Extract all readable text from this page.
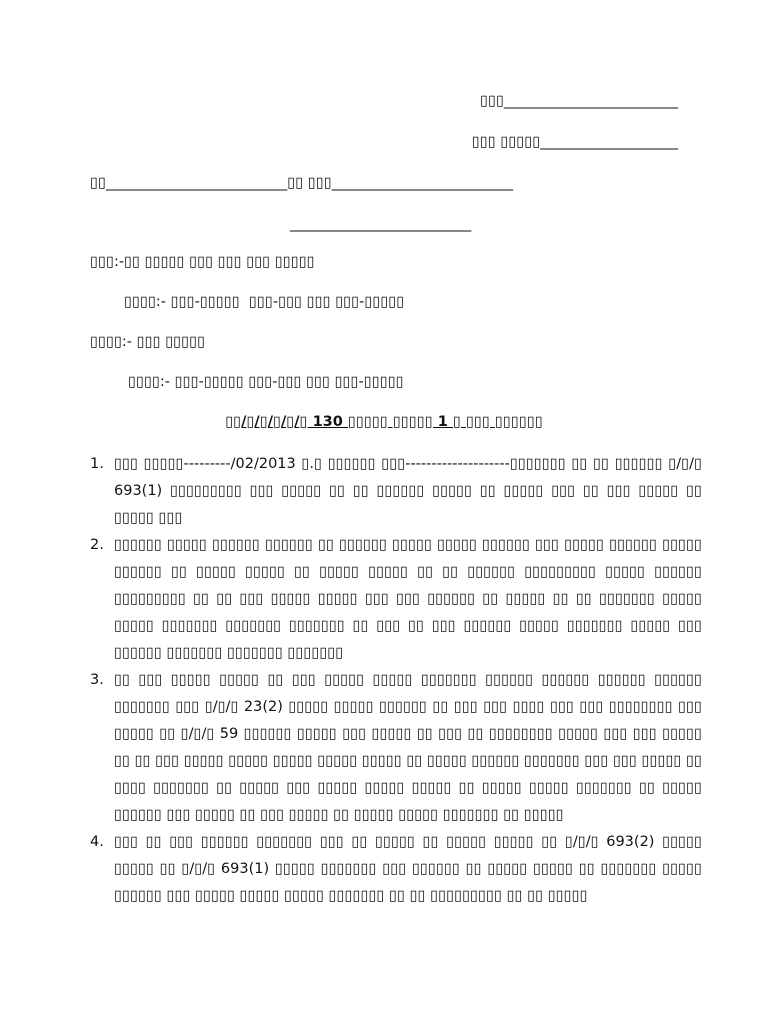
▯▯▯________________________
▯▯▯ ▯▯▯▯▯___________________
▯▯_________________________▯▯ ▯▯▯_________________________
_________________________
▯▯▯:-▯▯ ▯▯▯▯▯ ▯▯▯ ▯▯▯ ▯▯▯ ▯▯▯▯▯
▯▯▯▯:- ▯▯▯-▯▯▯▯▯  ▯▯▯-▯▯▯ ▯▯▯ ▯▯▯-▯▯▯▯▯
▯▯▯▯:- ▯▯▯ ▯▯▯▯▯
▯▯▯▯:- ▯▯▯-▯▯▯▯▯ ▯▯▯-▯▯▯ ▯▯▯ ▯▯▯-▯▯▯▯▯
▯▯/▯/▯/▯/▯/▯ 130 ▯▯▯▯▯ ▯▯▯▯▯ 1 ▯ ▯▯▯ ▯▯▯▯▯▯
1. ▯▯▯ ▯▯▯▯▯---------/02/2013 ▯.▯ ▯▯▯▯▯▯ ▯▯▯--------------------▯▯▯▯▯▯▯ ▯▯ ▯▯ ▯▯▯▯▯▯ ▯/▯/▯ 693(1) ▯▯▯▯▯▯▯▯▯ ▯▯▯ ▯▯▯▯▯ ▯▯ ▯▯ ▯▯▯▯▯▯ ▯▯▯▯▯ ▯▯ ▯▯▯▯▯ ▯▯▯ ▯▯ ▯▯▯ ▯▯▯▯▯ ▯▯ ▯▯▯▯▯ ▯▯▯
2. ▯▯▯▯▯▯ ▯▯▯▯▯ ▯▯▯▯▯▯ ▯▯▯▯▯▯ ▯▯ ▯▯▯▯▯▯ ▯▯▯▯▯ ▯▯▯▯▯ ▯▯▯▯▯▯ ▯▯▯ ▯▯▯▯▯ ▯▯▯▯▯▯ ▯▯▯▯▯ ▯▯▯▯▯▯ ▯▯ ▯▯▯▯▯ ▯▯▯▯▯ ▯▯ ▯▯▯▯▯ ▯▯▯▯▯ ▯▯ ▯▯ ▯▯▯▯▯▯ ▯▯▯▯▯▯▯▯▯ ▯▯▯▯▯ ▯▯▯▯▯▯ ▯▯▯▯▯▯▯▯▯ ▯▯ ▯▯ ▯▯▯ ▯▯▯▯▯ ▯▯▯▯▯ ▯▯▯ ▯▯▯ ▯▯▯▯▯▯ ▯▯ ▯▯▯▯▯ ▯▯ ▯▯ ▯▯▯▯▯▯▯ ▯▯▯▯▯ ▯▯▯▯▯ ▯▯▯▯▯▯▯ ▯▯▯▯▯▯▯ ▯▯▯▯▯▯▯ ▯▯ ▯▯▯ ▯▯ ▯▯▯ ▯▯▯▯▯▯ ▯▯▯▯▯ ▯▯▯▯▯▯▯ ▯▯▯▯▯ ▯▯▯ ▯▯▯▯▯▯ ▯▯▯▯▯▯▯ ▯▯▯▯▯▯▯ ▯▯▯▯▯▯▯
3. ▯▯ ▯▯▯ ▯▯▯▯▯ ▯▯▯▯▯ ▯▯ ▯▯▯ ▯▯▯▯▯ ▯▯▯▯▯ ▯▯▯▯▯▯▯ ▯▯▯▯▯▯ ▯▯▯▯▯▯ ▯▯▯▯▯▯ ▯▯▯▯▯▯ ▯▯▯▯▯▯▯ ▯▯▯ ▯/▯/▯ 23(2) ▯▯▯▯▯ ▯▯▯▯▯ ▯▯▯▯▯▯ ▯▯ ▯▯▯ ▯▯▯ ▯▯▯▯ ▯▯▯ ▯▯▯ ▯▯▯▯▯▯▯▯ ▯▯▯ ▯▯▯▯▯ ▯▯ ▯/▯/▯ 59 ▯▯▯▯▯▯ ▯▯▯▯▯ ▯▯▯ ▯▯▯▯▯ ▯▯ ▯▯▯ ▯▯ ▯▯▯▯▯▯▯▯ ▯▯▯▯▯ ▯▯▯ ▯▯▯ ▯▯▯▯▯ ▯▯ ▯▯ ▯▯▯ ▯▯▯▯▯ ▯▯▯▯▯ ▯▯▯▯▯ ▯▯▯▯▯ ▯▯▯▯▯ ▯▯ ▯▯▯▯▯ ▯▯▯▯▯▯ ▯▯▯▯▯▯▯ ▯▯▯ ▯▯▯ ▯▯▯▯▯ ▯▯ ▯▯▯▯ ▯▯▯▯▯▯▯ ▯▯ ▯▯▯▯▯ ▯▯▯ ▯▯▯▯▯ ▯▯▯▯▯ ▯▯▯▯▯ ▯▯ ▯▯▯▯▯ ▯▯▯▯▯ ▯▯▯▯▯▯▯ ▯▯ ▯▯▯▯▯ ▯▯▯▯▯▯ ▯▯▯ ▯▯▯▯▯ ▯▯ ▯▯▯ ▯▯▯▯▯ ▯▯ ▯▯▯▯▯ ▯▯▯▯▯ ▯▯▯▯▯▯▯ ▯▯ ▯▯▯▯▯
4. ▯▯▯ ▯▯ ▯▯▯ ▯▯▯▯▯▯ ▯▯▯▯▯▯▯ ▯▯▯ ▯▯ ▯▯▯▯▯ ▯▯ ▯▯▯▯▯ ▯▯▯▯▯ ▯▯ ▯/▯/▯ 693(2) ▯▯▯▯▯ ▯▯▯▯▯ ▯▯ ▯/▯/▯ 693(1) ▯▯▯▯▯ ▯▯▯▯▯▯▯ ▯▯▯ ▯▯▯▯▯▯ ▯▯ ▯▯▯▯▯ ▯▯▯▯▯ ▯▯ ▯▯▯▯▯▯▯ ▯▯▯▯▯ ▯▯▯▯▯▯ ▯▯▯ ▯▯▯▯▯ ▯▯▯▯▯ ▯▯▯▯▯ ▯▯▯▯▯▯▯ ▯▯ ▯▯ ▯▯▯▯▯▯▯▯▯ ▯▯ ▯▯ ▯▯▯▯▯
